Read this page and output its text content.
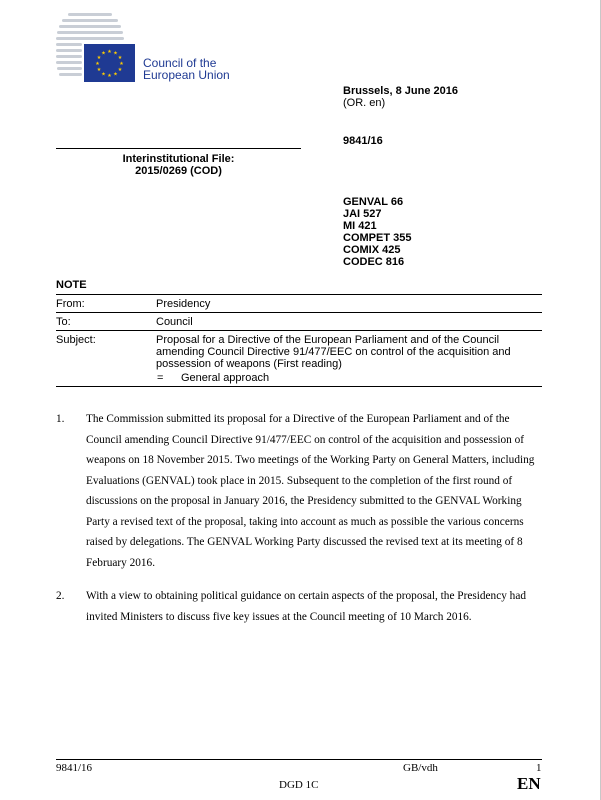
★ ★
★
★
★
★
★
★
★
★
★
★
Council of the
European Union
Brussels, 8 June 2016
(OR. en)
9841/16
GENVAL 66
JAI 527
MI 421
COMPET 355
COMIX 425
CODEC 816
Interinstitutional File:
2015/0269 (COD)
NOTE
From:	Presidency
To:	Council
Subject:	Proposal for a Directive of the European Parliament and of the Council amending Council Directive 91/477/EEC on control of the acquisition and possession of weapons (First reading)
=	General approach
1.	The Commission submitted its proposal for a Directive of the European Parliament and of the Council amending Council Directive 91/477/EEC on control of the acquisition and possession of weapons on 18 November 2015. Two meetings of the Working Party on General Matters, including Evaluations (GENVAL) took place in 2015. Subsequent to the completion of the first round of discussions on the proposal in January 2016, the Presidency submitted to the GENVAL Working Party a revised text of the proposal, taking into account as much as possible the various concerns raised by delegations. The GENVAL Working Party discussed the revised text at its meeting of 8 February 2016.
2.	With a view to obtaining political guidance on certain aspects of the proposal, the Presidency had invited Ministers to discuss five key issues at the Council meeting of 10 March 2016.
9841/16	GB/vdh	1
DGD 1C	EN
